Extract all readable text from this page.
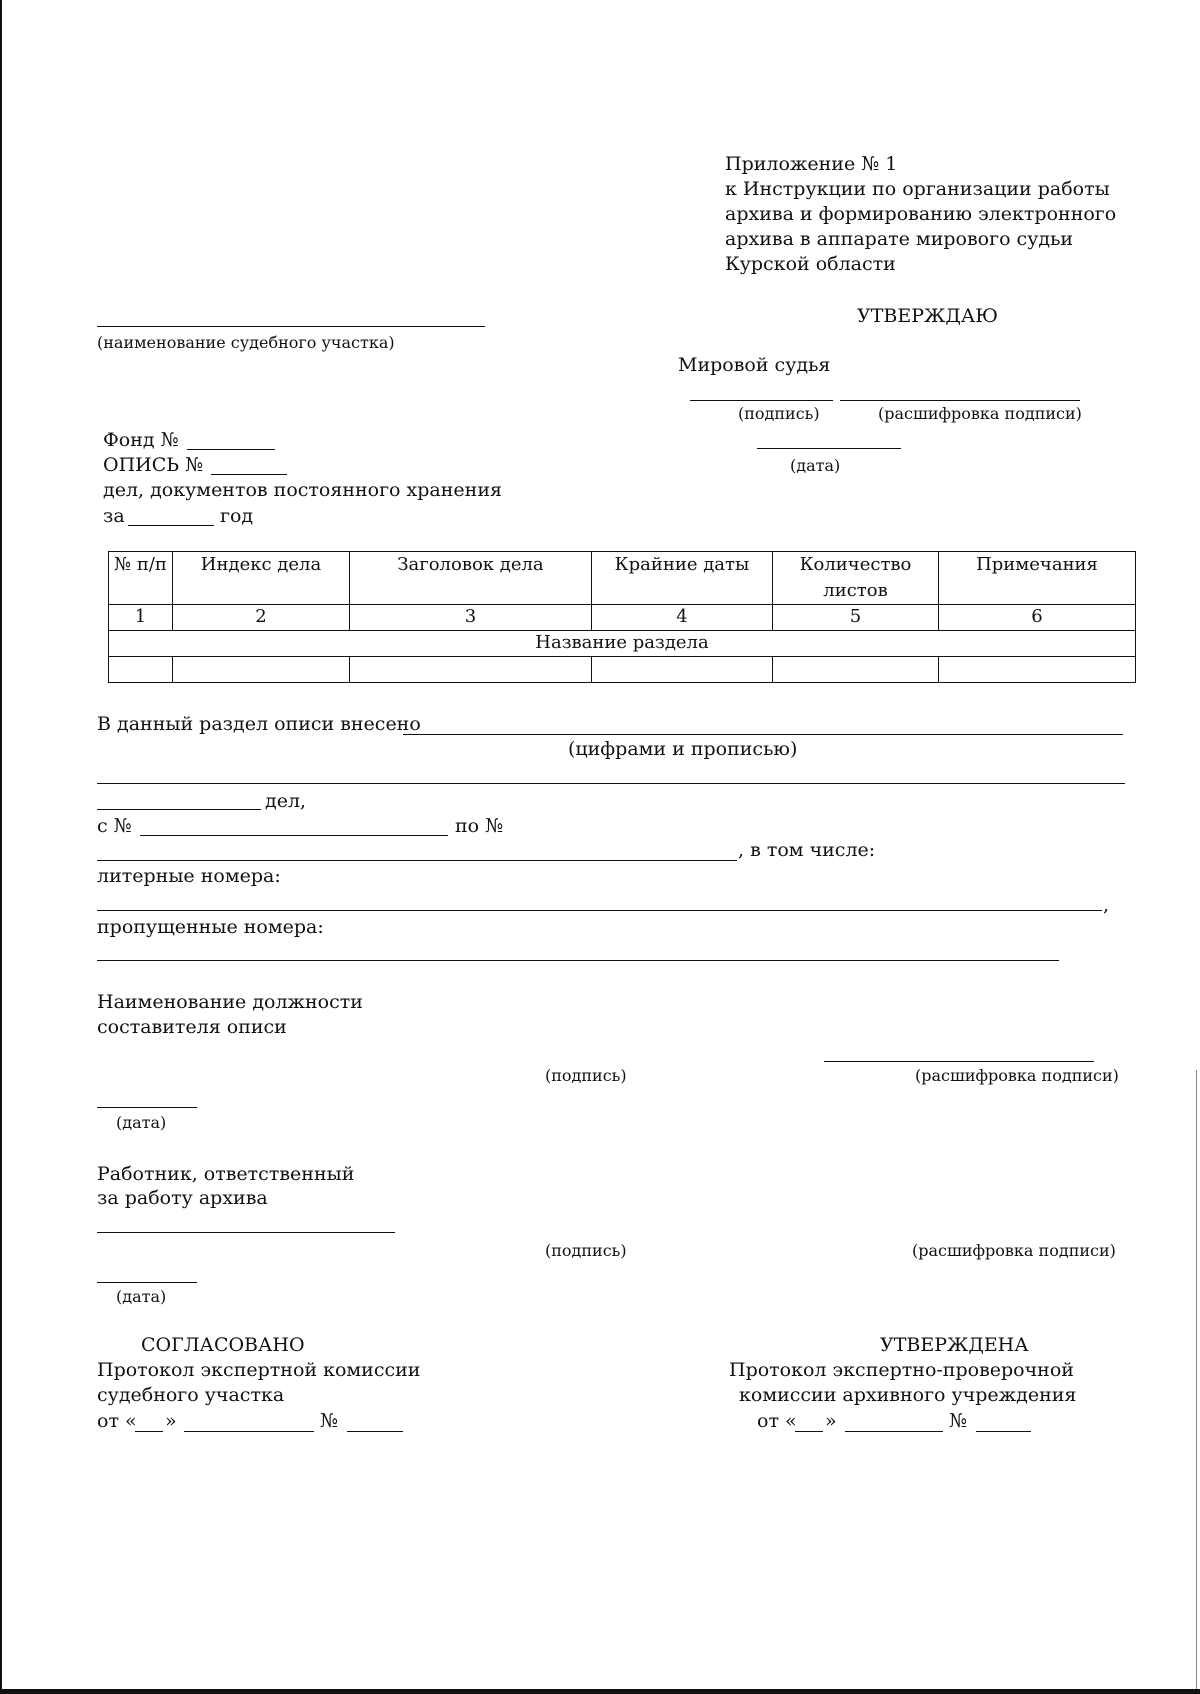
Приложение № 1
к Инструкции по организации работы
архива и формированию электронного
архива в аппарате мирового судьи
Курской области
УТВЕРЖДАЮ
Мировой судья
(подпись)	(расшифровка подписи)
(дата)
(наименование судебного участка)
Фонд №
ОПИСЬ №
дел, документов постоянного хранения
за	год
№ п/п	Индекс дела	Заголовок дела	Крайние даты	Количество листов	Примечания
1	2	3	4	5	6
Название раздела					

В данный раздел описи внесено
(цифрами и прописью)
дел,
с №	по №
, в том числе:
литерные номера:
,
пропущенные номера:
Наименование должности
составителя описи
(подпись)	(расшифровка подписи)
(дата)
Работник, ответственный
за работу архива
(подпись)	(расшифровка подписи)
(дата)
СОГЛАСОВАНО
Протокол экспертной комиссии
судебного участка
от « »	№
УТВЕРЖДЕНА
Протокол экспертно-проверочной
комиссии архивного учреждения
от « »	№
